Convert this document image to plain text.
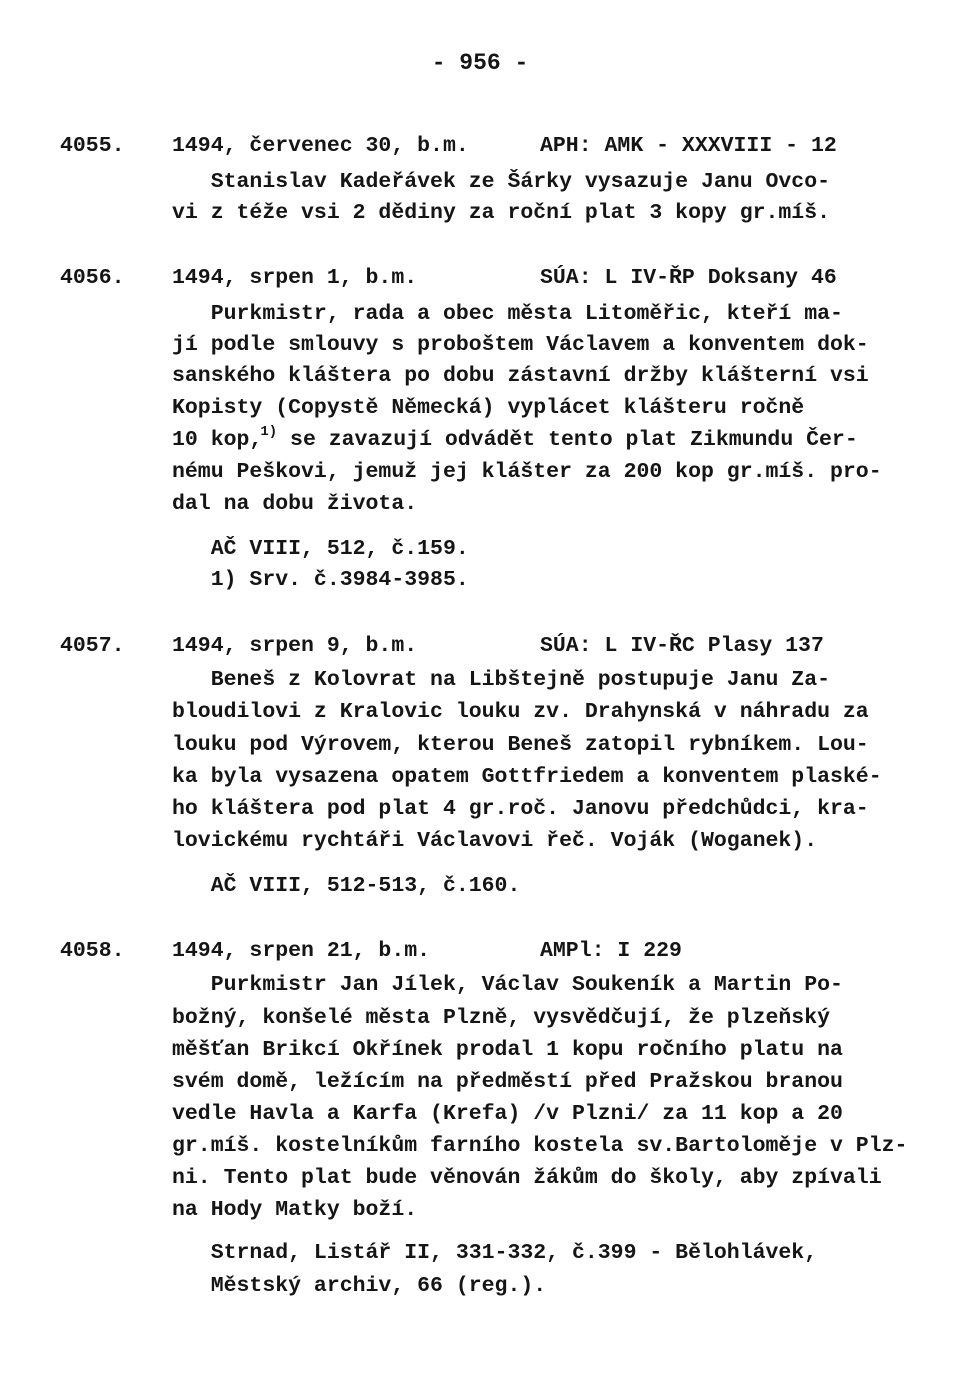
- 956 -
4055. 1494, červenec 30, b.m.	APH: AMK - XXXVIII - 12
Stanislav Kadeřávek ze Šárky vysazuje Janu Ovco-
vi z téže vsi 2 dědiny za roční plat 3 kopy gr.míš.
4056. 1494, srpen 1, b.m.	SÚA: L IV-ŘP Doksany 46
Purkmistr, rada a obec města Litoměřic, kteří ma-
jí podle smlouvy s proboštem Václavem a konventem dok-
sanského kláštera po dobu zástavní držby klášterní vsi
Kopisty (Copystě Německá) vyplácet klášteru ročně
10 kop,$^{1)}$ se zavazují odvádět tento plat Zikmundu Čer-
nému Peškovi, jemuž jej klášter za 200 kop gr.míš. pro-
dal na dobu života.
AČ VIII, 512, č.159.
1) Srv. č.3984-3985.
4057. 1494, srpen 9, b.m.	SÚA: L IV-ŘC Plasy 137
Beneš z Kolovrat na Libštejně postupuje Janu Za-
bloudilovi z Kralovic louku zv. Drahynská v náhradu za
louku pod Výrovem, kterou Beneš zatopil rybníkem. Lou-
ka byla vysazena opatem Gottfriedem a konventem plaské-
ho kláštera pod plat 4 gr.roč. Janovu předchůdci, kra-
lovickému rychtáři Václavovi řeč. Voják (Woganek).
AČ VIII, 512-513, č.160.
4058. 1494, srpen 21, b.m.	AMPl: I 229
Purkmistr Jan Jílek, Václav Soukeník a Martin Po-
božný, konšelé města Plzně, vysvědčují, že plzeňský
měšťan Brikcí Okřínek prodal 1 kopu ročního platu na
svém domě, ležícím na předměstí před Pražskou branou
vedle Havla a Karfa (Krefa) /v Plzni/ za 11 kop a 20
gr.míš. kostelníkům farního kostela sv.Bartoloměje v Plz-
ni. Tento plat bude věnován žákům do školy, aby zpívali
na Hody Matky boží.
Strnad, Listář II, 331-332, č.399 - Bělohlávek,
Městský archiv, 66 (reg.).
